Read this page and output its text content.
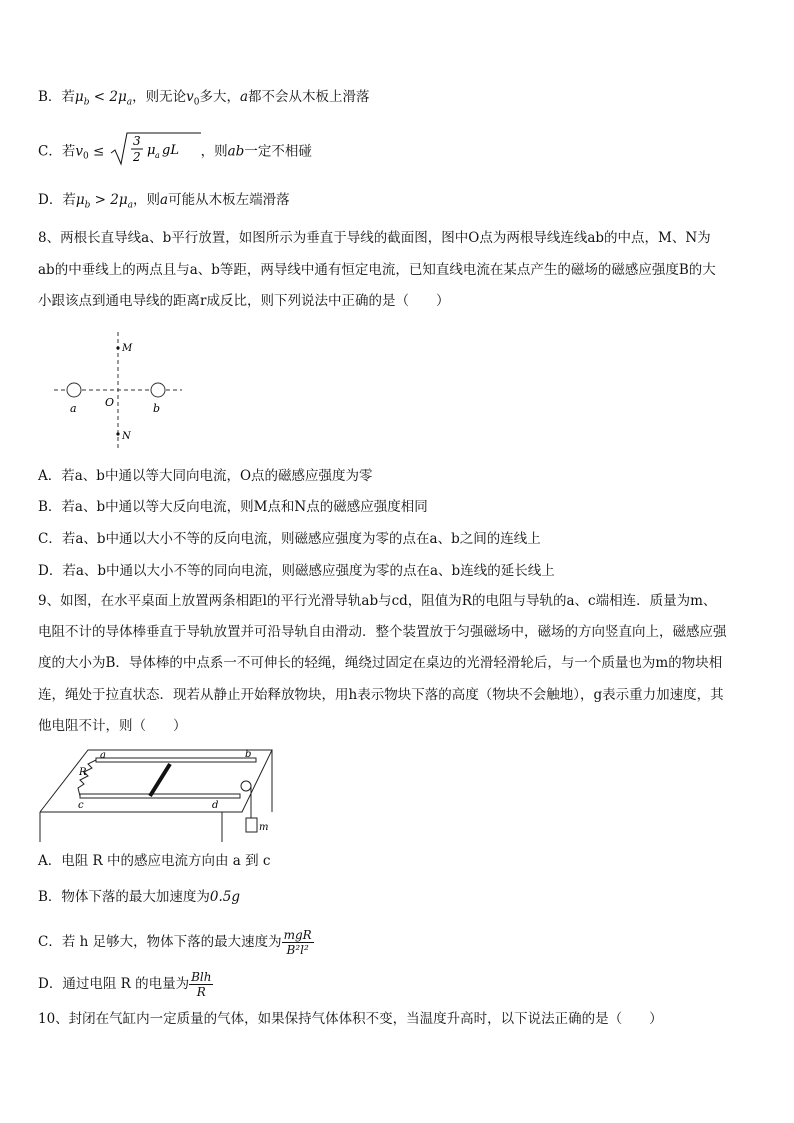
B．若$\mu_b < 2\mu_a$，则无论$v_0$多大，a都不会从木板上滑落
C．若$v_0$ ≤
3
2 μ a gL ，则ab一定不相碰
D．若$\mu_b > 2\mu_a$，则a可能从木板左端滑落
8、两根长直导线a、b平行放置，如图所示为垂直于导线的截面图，图中O点为两根导线连线ab的中点，M、N为
ab的中垂线上的两点且与a、b等距，两导线中通有恒定电流，已知直线电流在某点产生的磁场的磁感应强度B的大
小跟该点到通电导线的距离r成反比，则下列说法中正确的是（　　）
M
N
O
a	b
A．若a、b中通以等大同向电流，O点的磁感应强度为零
B．若a、b中通以等大反向电流，则M点和N点的磁感应强度相同
C．若a、b中通以大小不等的反向电流，则磁感应强度为零的点在a、b之间的连线上
D．若a、b中通以大小不等的同向电流，则磁感应强度为零的点在a、b连线的延长线上
9、如图，在水平桌面上放置两条相距l的平行光滑导轨ab与cd，阻值为R的电阻与导轨的a、c端相连．质量为m、
电阻不计的导体棒垂直于导轨放置并可沿导轨自由滑动．整个装置放于匀强磁场中，磁场的方向竖直向上，磁感应强
度的大小为B．导体棒的中点系一不可伸长的轻绳，绳绕过固定在桌边的光滑轻滑轮后，与一个质量也为m的物块相
连，绳处于拉直状态．现若从静止开始释放物块，用h表示物块下落的高度（物块不会触地），g表示重力加速度，其
他电阻不计，则（　　）
a	b
c	d
R
m
A．电阻 R 中的感应电流方向由 a 到 c
B．物体下落的最大加速度为0.5g
C．若 h 足够大，物体下落的最大速度为 $\frac{\text{mgR}}{\text{B²l²}}$
D．通过电阻 R 的电量为 $\frac{\text{Blh}}{R}$
10、封闭在气缸内一定质量的气体，如果保持气体体积不变，当温度升高时，以下说法正确的是（　　）
